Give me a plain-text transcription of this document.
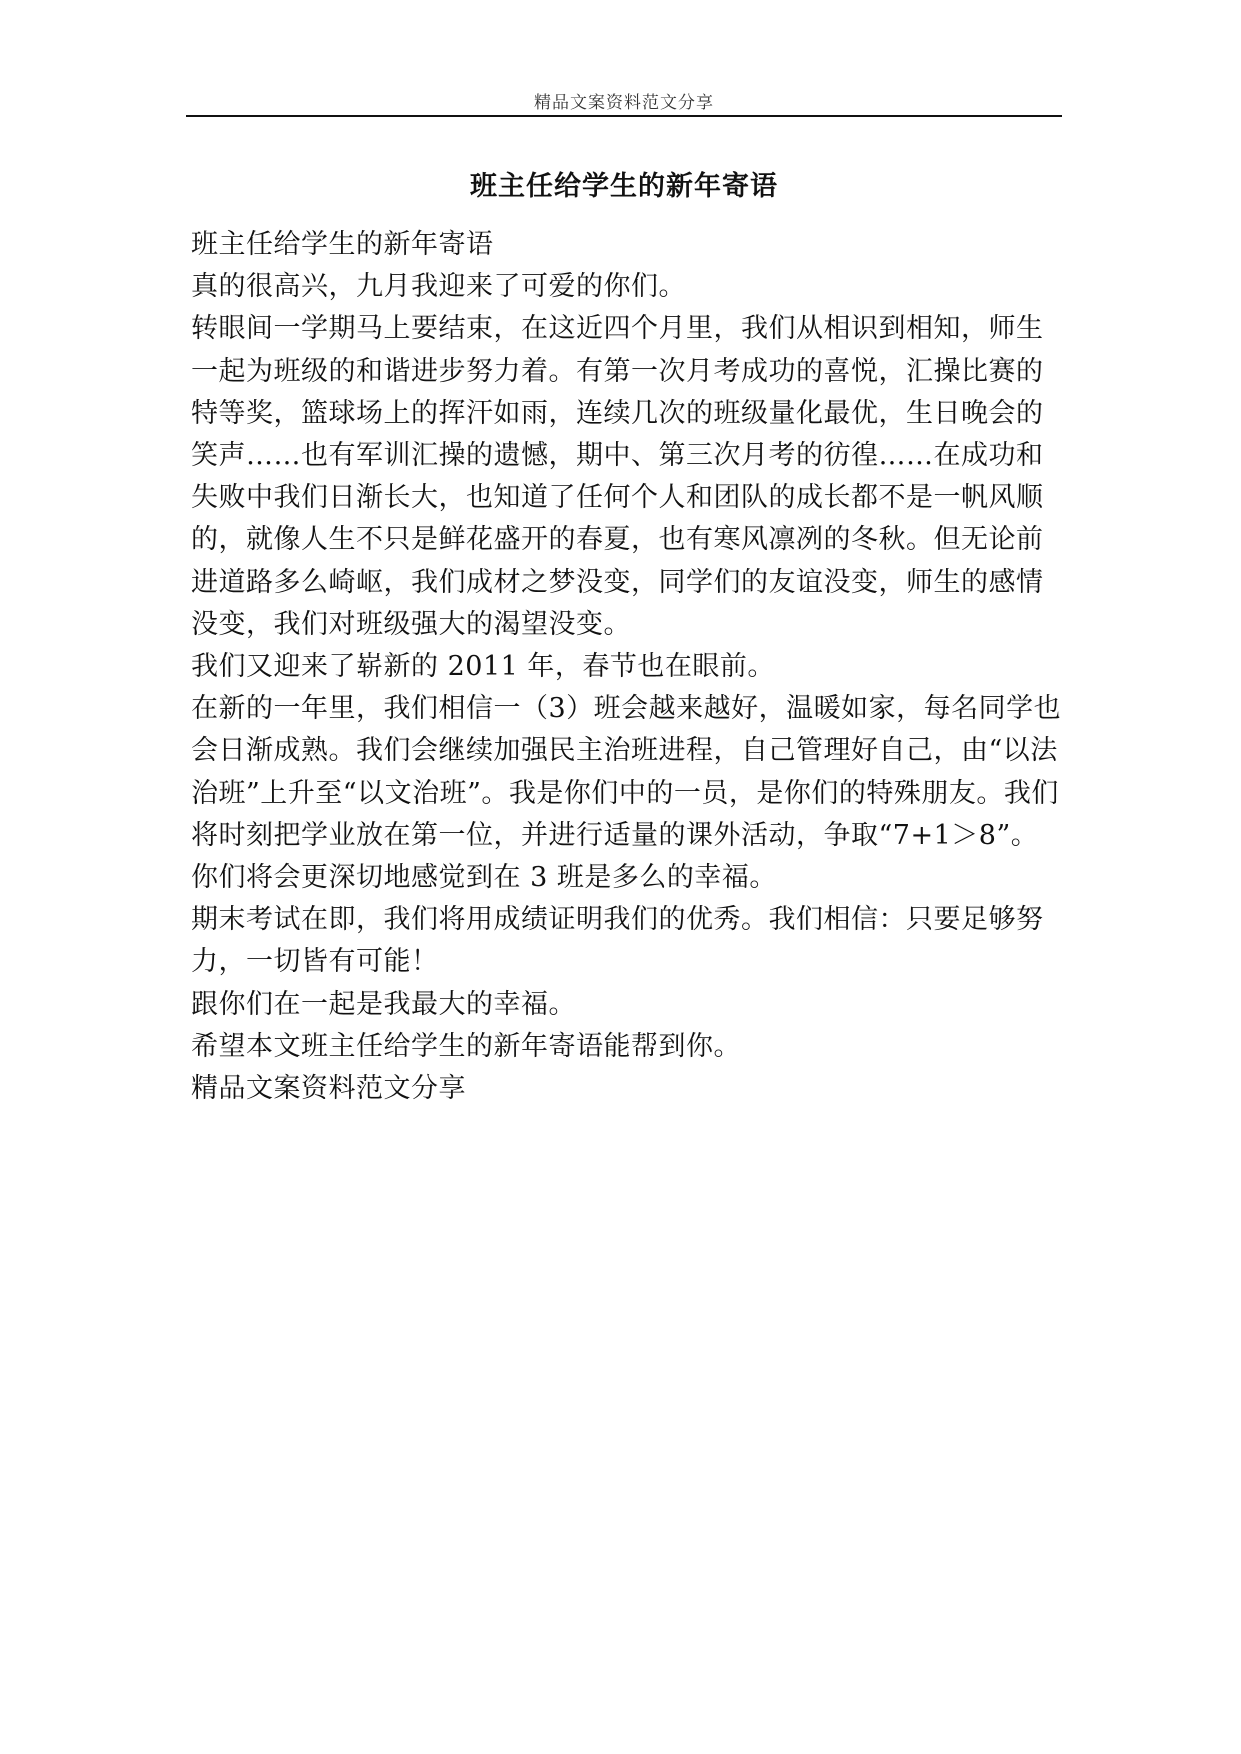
精品文案资料范文分享
班主任给学生的新年寄语

班主任给学生的新年寄语

真的很高兴，九月我迎来了可爱的你们。

转眼间一学期马上要结束，在这近四个月里，我们从相识到相知，师生一起为班级的和谐进步努力着。有第一次月考成功的喜悦，汇操比赛的特等奖，篮球场上的挥汗如雨，连续几次的班级量化最优，生日晚会的笑声……也有军训汇操的遗憾，期中、第三次月考的彷徨……在成功和失败中我们日渐长大，也知道了任何个人和团队的成长都不是一帆风顺的，就像人生不只是鲜花盛开的春夏，也有寒风凛冽的冬秋。但无论前进道路多么崎岖，我们成材之梦没变，同学们的友谊没变，师生的感情没变，我们对班级强大的渴望没变。

我们又迎来了崭新的 2011 年，春节也在眼前。

在新的一年里，我们相信一（3）班会越来越好，温暖如家，每名同学也会日渐成熟。我们会继续加强民主治班进程，自己管理好自己，由“以法治班”上升至“以文治班”。我是你们中的一员，是你们的特殊朋友。我们将时刻把学业放在第一位，并进行适量的课外活动，争取“7+1＞8”。你们将会更深切地感觉到在 3 班是多么的幸福。

期末考试在即，我们将用成绩证明我们的优秀。我们相信：只要足够努力，一切皆有可能！

跟你们在一起是我最大的幸福。

希望本文班主任给学生的新年寄语能帮到你。

精品文案资料范文分享
